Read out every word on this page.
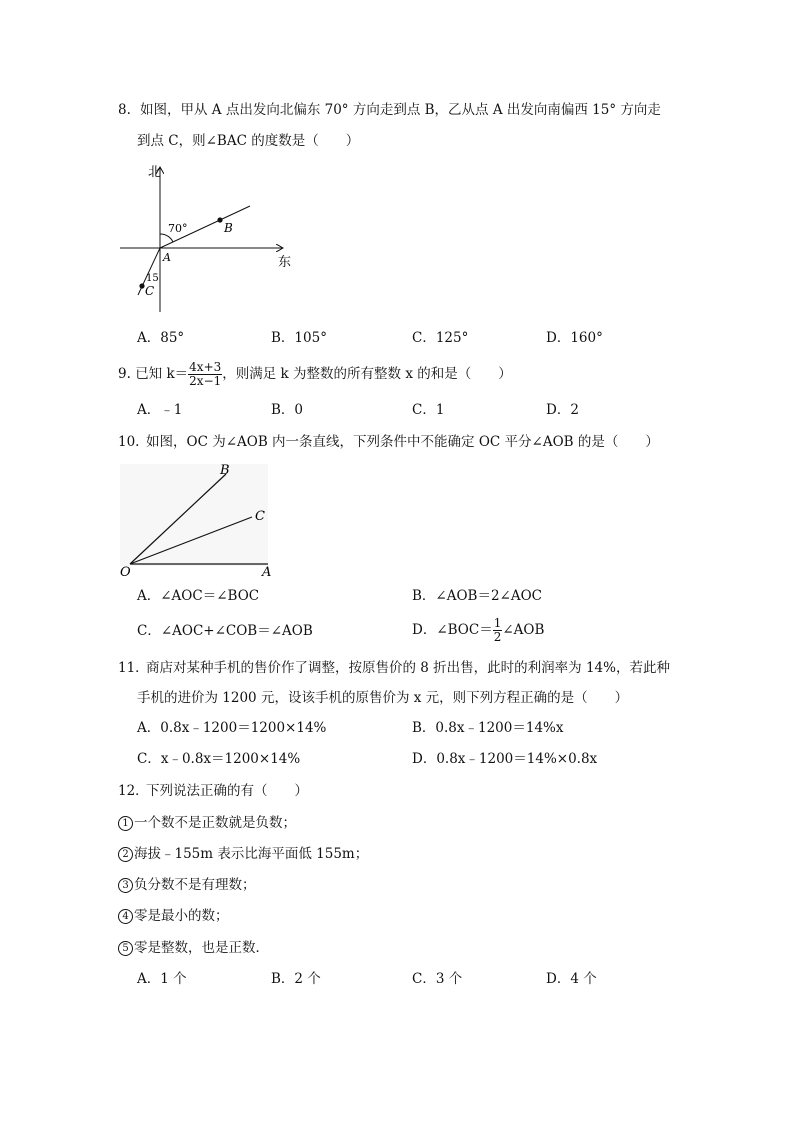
8. 如图，甲从 A 点出发向北偏东 70° 方向走到点 B，乙从点 A 出发向南偏西 15° 方向走
到点 C，则∠BAC 的度数是（　　）
北
东
70°
15
A
B
C
A．85°	B．105°	C．125°	D．160°
9. 已知 $k= \frac{4x+3}{2x-1}$ ，则满足 k 为整数的所有整数 x 的和是（　　）
A．﹣1	B．0	C．1	D．2
10. 如图，OC 为∠AOB 内一条直线，下列条件中不能确定 OC 平分∠AOB 的是（　　）
O	A
B
C
A．∠AOC＝∠BOC	B．∠AOB＝2∠AOC
C．∠AOC+∠COB＝∠AOB	D．∠BOC＝ $\frac{1}{2}$ ∠AOB
11．
商店对某种手机的售价作了调整，按原售价的 8 折出售，此时的利润率为 14%，若此种
手机的进价为 1200 元，设该手机的原售价为 x 元，则下列方程正确的是（　　）
A．0.8x﹣1200＝1200×14%	B．0.8x﹣1200＝14%x
C．x﹣0.8x＝1200×14%	D．0.8x﹣1200＝14%×0.8x
12．
下列说法正确的有（　　）
1 一个数不是正数就是负数；
2 海拔﹣155m 表示比海平面低 155m；
3 负分数不是有理数；
4 零是最小的数；
5 零是整数，也是正数．
A．1 个	B．2 个	C．3 个	D．4 个
